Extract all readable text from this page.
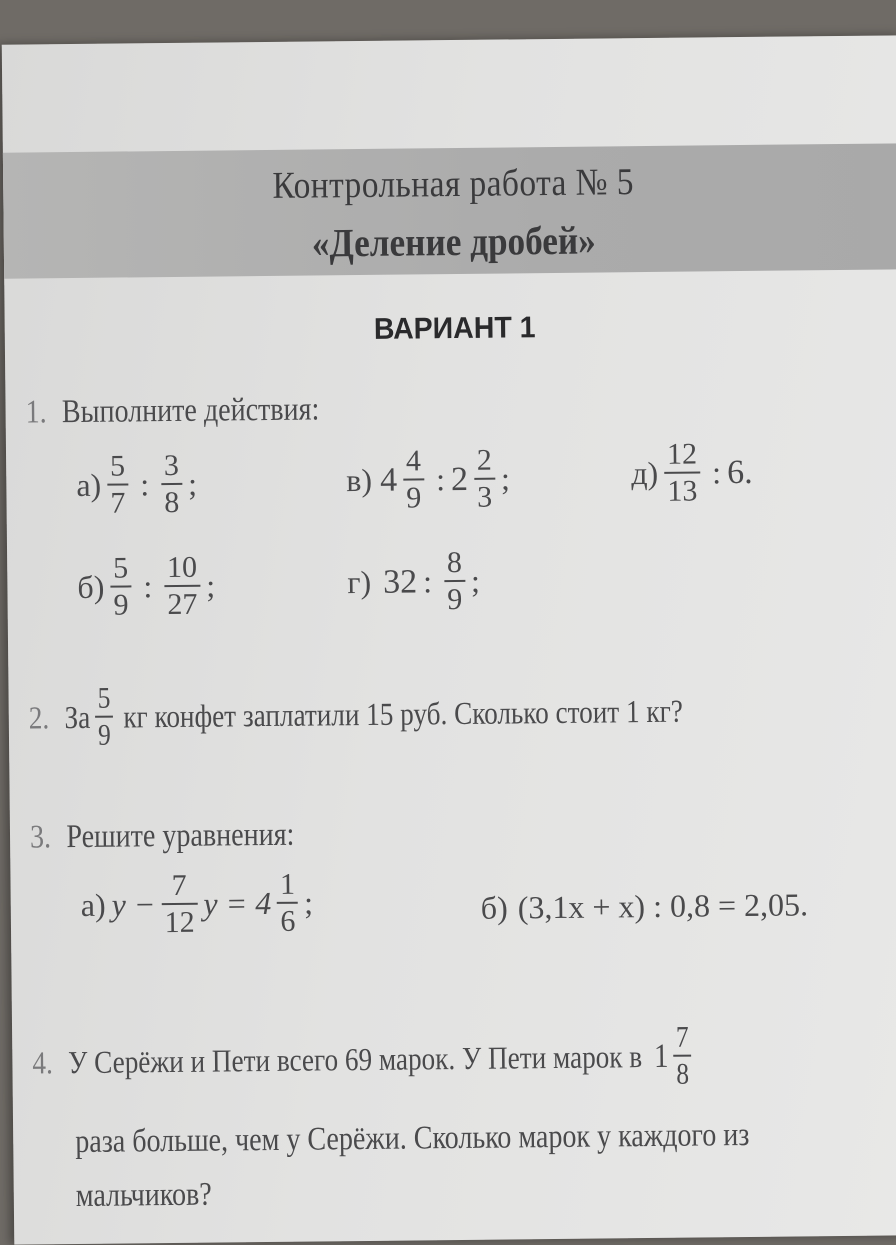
Контрольная работа № 5
«Деление дробей»
ВАРИАНТ 1
1. Выполните действия:
$а) \frac{5}{7}$ : $\frac{3}{8}$ ;	в) $4 \frac{4}{9}$ : $2 \frac{2}{3}$ ;	$д) \frac{12}{13}$ : 6 .
$б) \frac{5}{9}$ : $\frac{10}{27}$ ;	г) 32 : $\frac{8}{9}$ ;
2. За $\frac{5}{9}$ кг конфет заплатили 15 руб. Сколько стоит 1 кг?
3. Решите уравнения:
а) $y - \frac{7}{12}$ $y = 4 \frac{1}{6}$ ;	б) (3,1x + x) : 0,8 = 2,05.
4. У Серёжи и Пети всего 69 марок. У Пети марок в $1 \frac{7}{8}$
раза больше, чем у Серёжи. Сколько марок у каждого из
мальчиков?
